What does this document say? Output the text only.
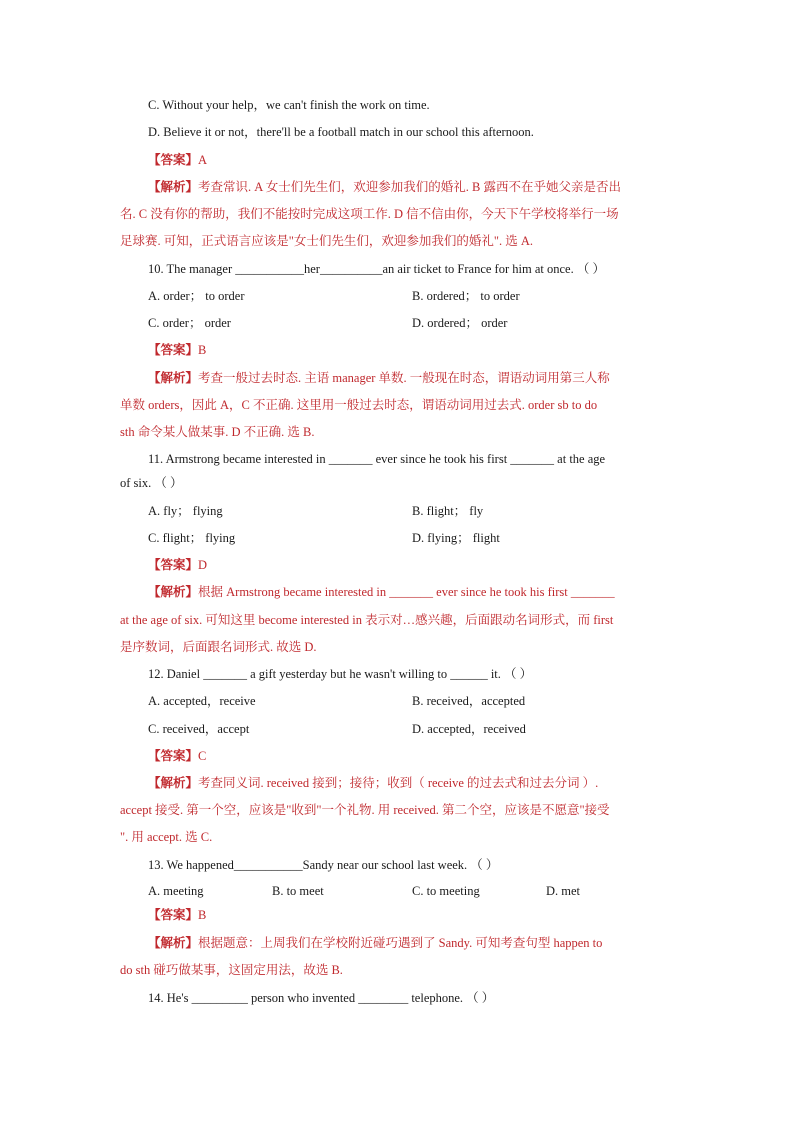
C. Without your help，we can't finish the work on time.
D. Believe it or not，there'll be a football match in our school this afternoon.
【答案】A
【解析】考查常识. A 女士们先生们，欢迎参加我们的婚礼. B 露西不在乎她父亲是否出
名. C 没有你的帮助，我们不能按时完成这项工作. D 信不信由你，今天下午学校将举行一场
足球赛. 可知，正式语言应该是"女士们先生们，欢迎参加我们的婚礼". 选 A.
10. The manager ___________her__________an air ticket to France for him at once. （ ）
A. order； to order	B. ordered； to order
C. order； order	D. ordered； order
【答案】B
【解析】考查一般过去时态. 主语 manager 单数. 一般现在时态，谓语动词用第三人称
单数 orders，因此 A，C 不正确. 这里用一般过去时态，谓语动词用过去式. order sb to do
sth 命令某人做某事. D 不正确. 选 B.
11. Armstrong became interested in _______ ever since he took his first _______ at the age
of six. （ ）
A. fly； flying	B. flight； fly
C. flight； flying	D. flying； flight
【答案】D
【解析】根据 Armstrong became interested in _______ ever since he took his first _______
at the age of six. 可知这里 become interested in 表示对…感兴趣，后面跟动名词形式，而 first
是序数词，后面跟名词形式. 故选 D.
12. Daniel _______ a gift yesterday but he wasn't willing to ______ it. （ ）
A. accepted，receive	B. received，accepted
C. received，accept	D. accepted，received
【答案】C
【解析】考查同义词. received 接到；接待；收到（ receive 的过去式和过去分词 ）.
accept 接受. 第一个空，应该是"收到"一个礼物. 用 received. 第二个空，应该是不愿意"接受
". 用 accept. 选 C.
13. We happened___________Sandy near our school last week. （ ）
A. meeting	B. to meet	C. to meeting	D. met
【答案】B
【解析】根据题意：上周我们在学校附近碰巧遇到了 Sandy. 可知考查句型 happen to
do sth 碰巧做某事，这固定用法，故选 B.
14. He's _________ person who invented ________ telephone. （ ）
